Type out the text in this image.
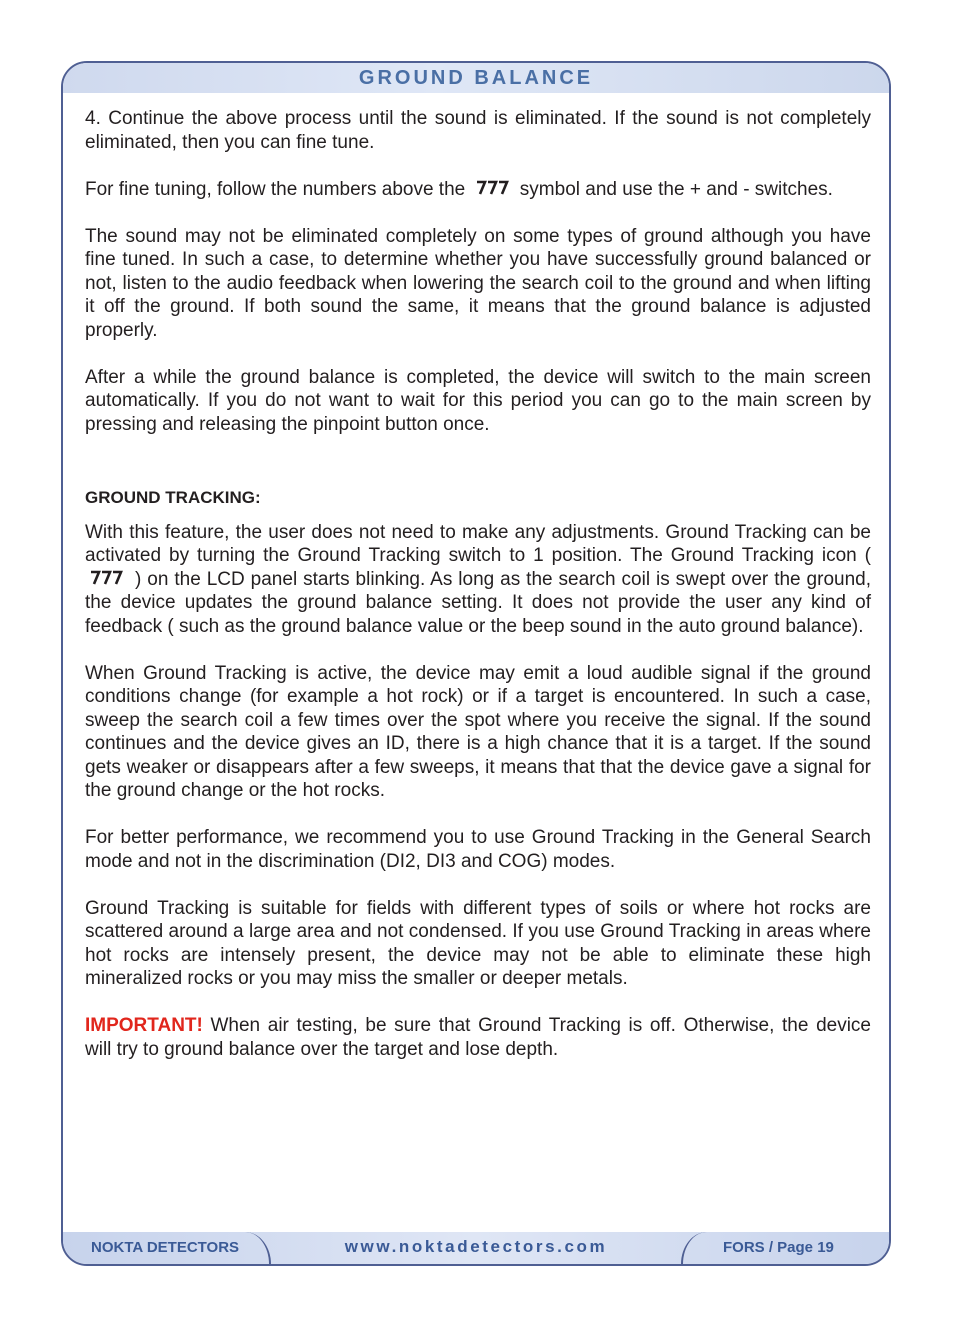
GROUND BALANCE

4. Continue the above process until the sound is eliminated. If the sound is not completely eliminated, then you can fine tune.

For fine tuning, follow the numbers above the	symbol and use the + and - switches.

The sound may not be eliminated completely on some types of ground although you have fine tuned. In such a case, to determine whether you have successfully ground balanced or not, listen to the audio feedback when lowering the search coil to the ground and when lifting it off the ground. If both sound the same, it means that the ground balance is adjusted properly.

After a while the ground balance is completed, the device will switch to the main screen automatically. If you do not want to wait for this period you can go to the main screen by pressing and releasing the pinpoint button once.

GROUND TRACKING:

With this feature, the user does not need to make any adjustments. Ground Tracking can be activated by turning the Ground Tracking switch to 1 position. The Ground Tracking icon (  ) on the LCD panel starts blinking. As long as the search coil is swept over the ground, the device updates the ground balance setting. It does not provide the user any kind of feedback ( such as the ground balance value or the beep sound in the auto ground balance).

When Ground Tracking is active, the device may emit a loud audible signal if the ground conditions change (for example a hot rock) or if a target is encountered. In such a case, sweep the search coil a few times over the spot where you receive the signal. If the sound continues and the device gives an ID, there is a high chance that it is a target. If the sound gets weaker or disappears after a few sweeps, it means that that the device gave a signal for the ground change or the hot rocks.

For better performance, we recommend you to use Ground Tracking in the General Search mode and not in the discrimination (DI2, DI3 and COG) modes.

Ground Tracking is suitable for fields with different types of soils or where hot rocks are scattered around a large area and not condensed. If you use Ground Tracking in areas where hot rocks are intensely present, the device may not be able to eliminate these high mineralized rocks or you may miss the smaller or deeper metals.

IMPORTANT! When air testing, be sure that Ground Tracking is off. Otherwise, the device will try to ground balance over the target and lose depth.

NOKTA DETECTORS	www.noktadetectors.com	FORS / Page 19
